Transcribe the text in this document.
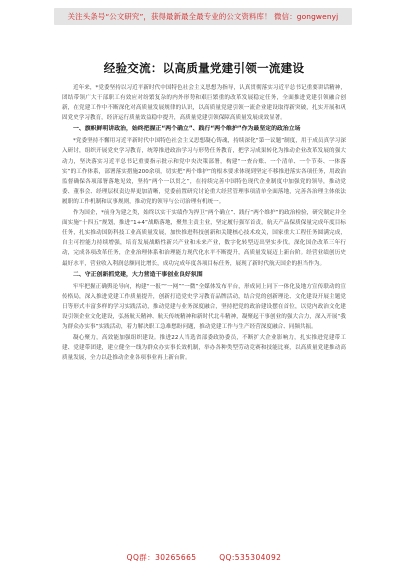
关注头条号“公文研究”，获得最新最全最专业的公文资料库！ 微信：gongwenyj
经验交流：以高质量党建引领一流建设

近年来，*党委坚持以习近平新时代中国特色社会主义思想为指导，认真贯彻落实习近平总书记重要讲话精神，团结带领广大干部职工有效应对纷繁复杂的内外形势和艰巨繁重的改革发展稳定任务，全面推进党建引领融合创新，在党建工作中不断深化对高质量发展规律的认识，以高质量党建引领一流企业建设取得新突破，扎实开展和巩固党史学习教育，经济运行质量效益稳中提升，高质量党建引领保障高质量发展成效显著。

一、旗帜鲜明讲政治，始终把握正“两个确立”、践行“两个维护”作为最坚定的政治立场

*党委坚持不懈用习近平新时代中国特色社会主义思想凝心铸魂，持续深化“第一议题”制度，用于成员真学习深入研讨，组织开展党史学习教育，统筹推进政治学习与形势任务教育，把学习成果转化为推动企业改革发展的强大动力，坚决落实习近平总书记重要指示批示和党中央决策部署，构建“一查台账、一个清单、一个节奏、一体落实”的工作体系，部署落实措施200余项，切实把“两个维护”的根本要求体现到坚定不移推进落实各项任务，用政治监督确保各项部署落地见效，坚持“两个一以贯之”，在持续完善中国特色现代企业制度中加强党的领导，推动党委、董事会、经理层权责边界更加清晰，党委前置研究讨论重大经营管理事项清单全面落地，完善各治理主体依法履职的工作机制和议事规则，推动党的领导与公司治理有机统一。

作为国企，*前身为建之类，始终以实干实绩作为捍卫“两个确立”、践行“两个维护”的政治检验，研究制定并全面实施“十四五”规划，推进“1+4”战略落地，聚焦主责主业，坚定履行强军首责，航天产品保质保量完成年度目标任务，扎实推动国防科技工业高质量发展，加快推进科技创新和关键核心技术攻关，国家重大工程任务圆满完成，自主可控能力持续增强，培育发展战略性新兴产业和未来产业，数字化转型迈出坚实步伐。深化国企改革三年行动，完成各项改革任务，企业治理体系和治理能力现代化水平不断提升，高质量发展迈上新台阶。经营业绩创历史最好水平，营业收入利润总额同比增长，成功完成年度各项目标任务，展现了新时代航天国企的担当作为。

二、守正创新抓党建，大力营造干事创业良好氛围

牢牢把握正确舆论导向，构建“一报”“一网”“一微”全媒体发布平台，形成同上同下一体化及地方宣传联动的宣传格局，深入推进党建工作质量提升，创新打造党史学习教育品牌活动，结合党的创新理论、文化建设开展主题党日等形式丰富多样的学习实践活动，推动党建与业务深度融合，坚持把党的政治建设摆在首位，以党内政治文化建设引领企业文化建设，弘扬航天精神、航天传统精神和新时代北斗精神，凝聚起干事创业的强大合力，深入开展“我为群众办实事”实践活动，着力解决职工急难愁盼问题，推动党建工作与生产经营深度融合、同频共振。

凝心聚力，高效能加强组织建设。推进22人当选省部委政协委员，不断扩大企业影响力，扎实推进党建带工建、党建带团建，建立健全一线为群众办实事长效机制，举办各种类型劳动竞赛和技能比赛，以高质量党建推动高质量发展，全力以赴推动企业各项事业再上新台阶。

QQ群：30265665	QQ:535304092
